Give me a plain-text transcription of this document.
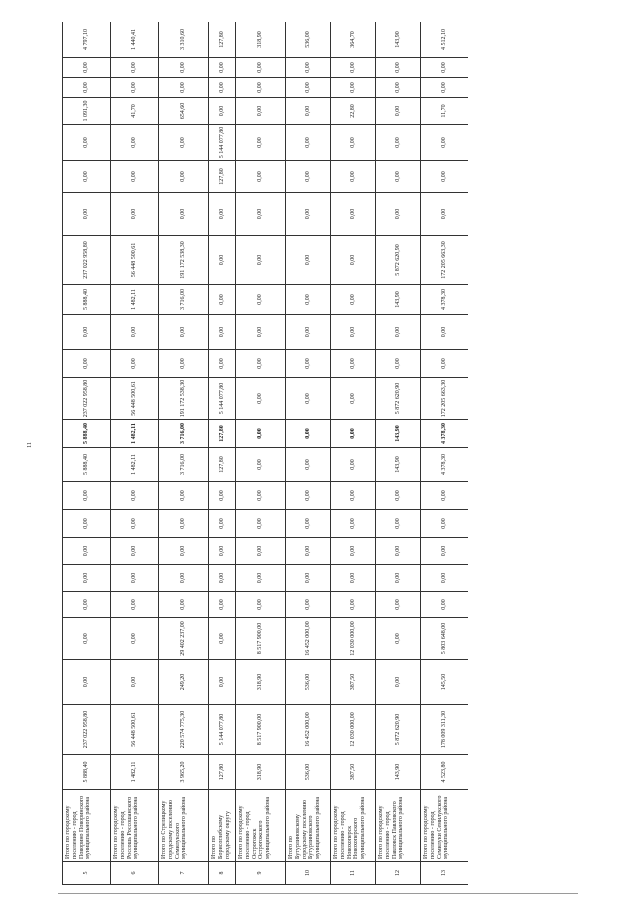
11
5	Итого по городскому поселению - город Поворино Поворинского муниципального района	5 888,40	237 022 958,80	0,00	0,00	0,00	0,00	0,00	0,00	0,00	5 888,40	5 888,40	237 022 958,80	0,00	0,00	5 888,40	237 022 958,80	0,00	0,00	0,00	1 091,30	0,00	0,00	4 797,10
6	Итого по городскому поселению - город Россошь Россошанского муниципального района	1 482,11	56 448 500,61	0,00	0,00	0,00	0,00	0,00	0,00	0,00	1 482,11	1 482,11	56 448 500,61	0,00	0,00	1 482,11	56 448 500,61	0,00	0,00	0,00	41,70	0,00	0,00	1 440,41
7	Итого по Стрелицкому городскому поселению Семилукского муниципального района	3 965,20	220 574 775,30	249,20	29 402 237,00	0,00	0,00	0,00	0,00	0,00	3 716,00	3 716,00	191 172 538,30	0,00	0,00	3 716,00	191 172 538,30	0,00	0,00	0,00	654,60	0,00	0,00	3 310,60
8	Итого по Борисоглебскому городскому округу	127,80	5 144 077,80	0,00	0,00	0,00	0,00	0,00	0,00	0,00	127,80	127,80	5 144 077,80	0,00	0,00	0,00	0,00	0,00	127,80	5 144 077,80	0,00	0,00	0,00	127,80
9	Итого по городскому поселению - город Острогожск Острогожского муниципального района	318,90	8 517 900,00	318,90	8 517 900,00	0,00	0,00	0,00	0,00	0,00	0,00	0,00	0,00	0,00	0,00	0,00	0,00	0,00	0,00	0,00	0,00	0,00	0,00	318,90
10	Итого по Бутурлиновскому городскому поселению Бутурлиновского муниципального района	536,00	16 452 000,00	536,00	16 452 000,00	0,00	0,00	0,00	0,00	0,00	0,00	0,00	0,00	0,00	0,00	0,00	0,00	0,00	0,00	0,00	0,00	0,00	0,00	536,00
11	Итого по городскому поселению - город Новохоперск Новохоперского муниципального района	387,50	12 030 000,00	387,50	12 030 000,00	0,00	0,00	0,00	0,00	0,00	0,00	0,00	0,00	0,00	0,00	0,00	0,00	0,00	0,00	0,00	22,80	0,00	0,00	364,70
12	Итого по городскому поселению - город Павловск Павловского муниципального района	143,90	5 872 620,90	0,00	0,00	0,00	0,00	0,00	0,00	0,00	143,90	143,90	5 872 620,90	0,00	0,00	143,90	5 872 620,90	0,00	0,00	0,00	0,00	0,00	0,00	143,90
13	Итого по городскому поселению - город Семилуки Семилукского муниципального района	4 523,80	178 009 311,30	145,50	5 803 648,00	0,00	0,00	0,00	0,00	0,00	4 378,30	4 378,30	172 205 663,30	0,00	0,00	4 378,30	172 205 663,30	0,00	0,00	0,00	11,70	0,00	0,00	4 512,10
